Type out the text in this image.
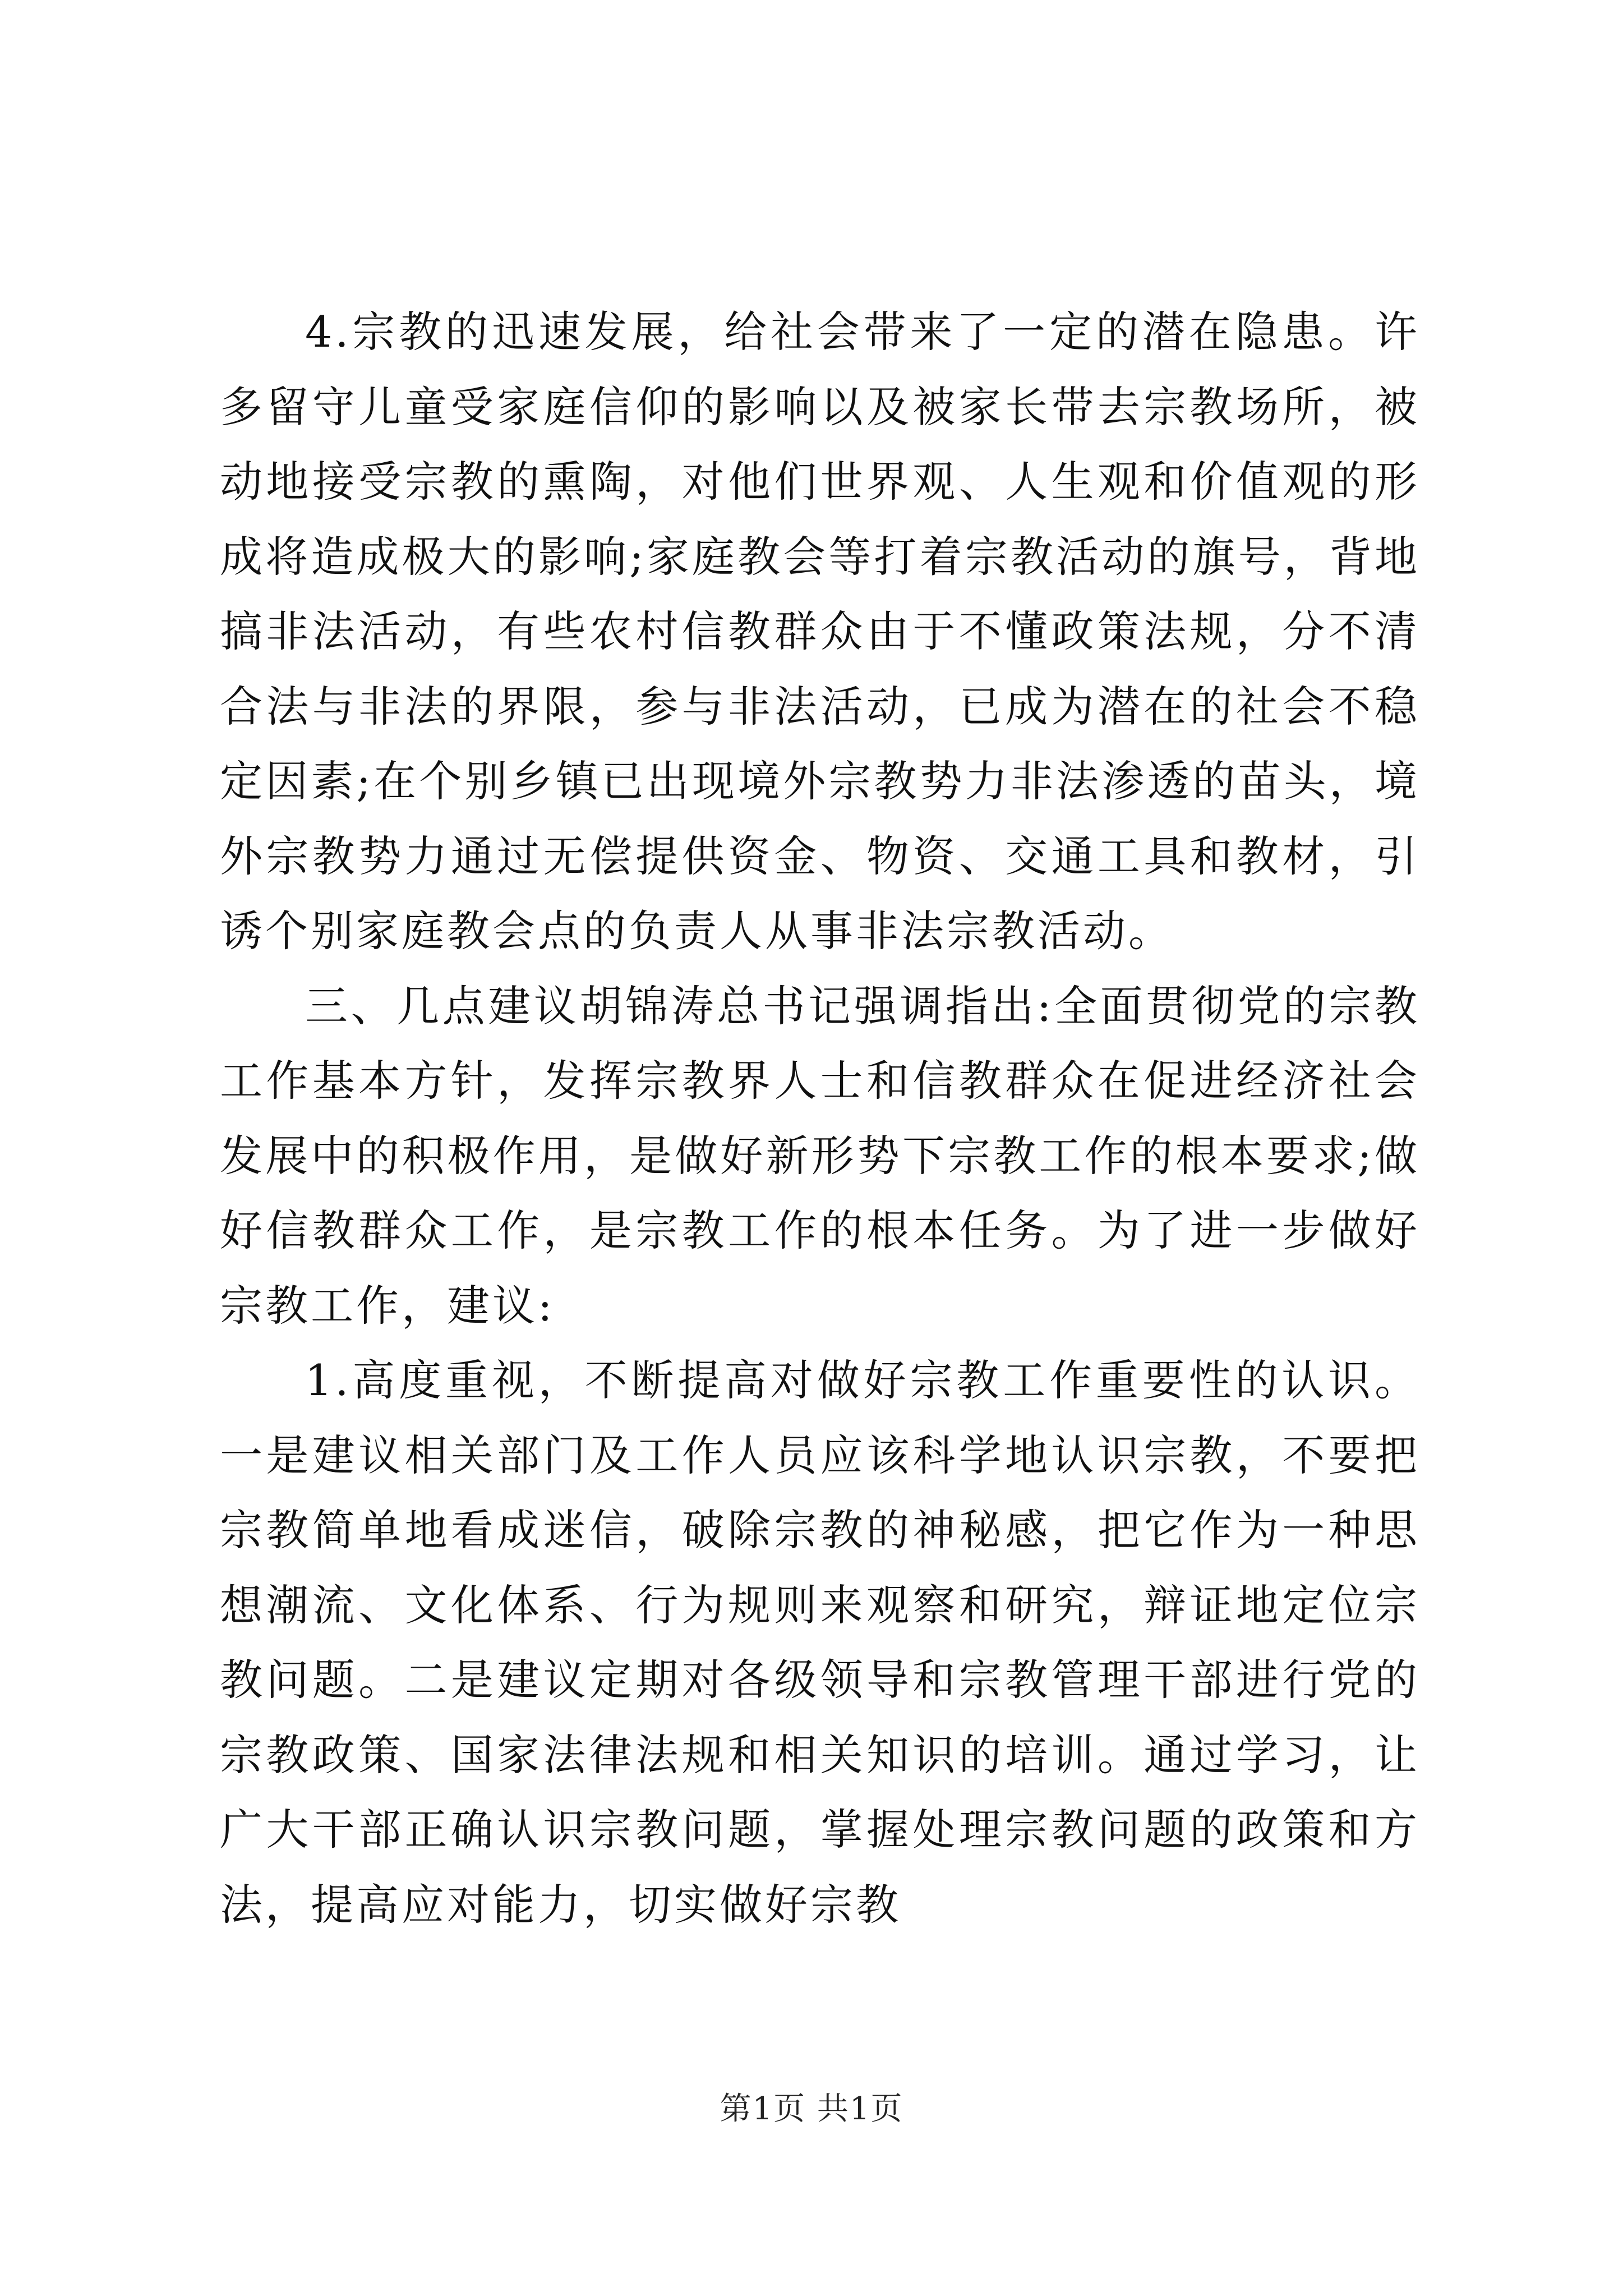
4.宗教的迅速发展，给社会带来了一定的潜在隐患。许多留守儿童受家庭信仰的影响以及被家长带去宗教场所，被动地接受宗教的熏陶，对他们世界观、人生观和价值观的形成将造成极大的影响;家庭教会等打着宗教活动的旗号，背地搞非法活动，有些农村信教群众由于不懂政策法规，分不清合法与非法的界限，参与非法活动，已成为潜在的社会不稳定因素;在个别乡镇已出现境外宗教势力非法渗透的苗头，境外宗教势力通过无偿提供资金、物资、交通工具和教材，引诱个别家庭教会点的负责人从事非法宗教活动。

三、几点建议胡锦涛总书记强调指出:全面贯彻党的宗教工作基本方针，发挥宗教界人士和信教群众在促进经济社会发展中的积极作用，是做好新形势下宗教工作的根本要求;做好信教群众工作，是宗教工作的根本任务。为了进一步做好宗教工作，建议:

1.高度重视，不断提高对做好宗教工作重要性的认识。一是建议相关部门及工作人员应该科学地认识宗教，不要把宗教简单地看成迷信，破除宗教的神秘感，把它作为一种思想潮流、文化体系、行为规则来观察和研究，辩证地定位宗教问题。二是建议定期对各级领导和宗教管理干部进行党的宗教政策、国家法律法规和相关知识的培训。通过学习，让广大干部正确认识宗教问题，掌握处理宗教问题的政策和方法，提高应对能力，切实做好宗教

第1页 共1页
